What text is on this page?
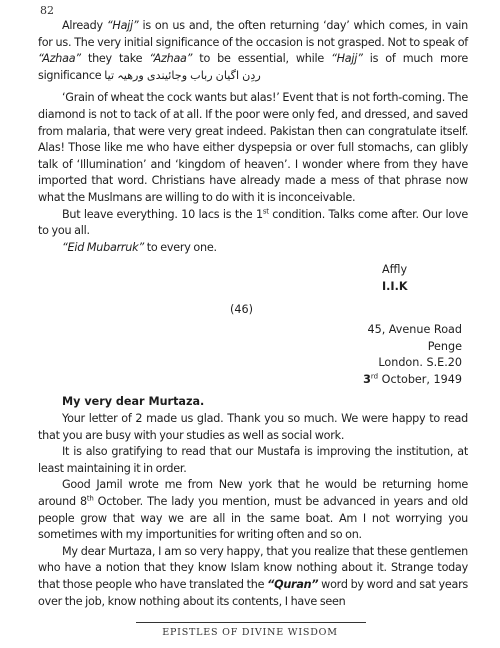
82

Already “Hajj” is on us and, the often returning ‘day’ which comes, in vain for us. The very initial significance of the occasion is not grasped. Not to speak of “Azhaa” they take “Azhaa” to be essential, while “Hajj” is of much more significance ردِن اگیان رباب وجائیندی ورھیہ تیا

‘Grain of wheat the cock wants but alas!’ Event that is not forth-coming. The diamond is not to tack of at all. If the poor were only fed, and dressed, and saved from malaria, that were very great indeed. Pakistan then can congratulate itself. Alas! Those like me who have either dyspepsia or over full stomachs, can glibly talk of ‘Illumination’ and ‘kingdom of heaven’. I wonder where from they have imported that word. Christians have already made a mess of that phrase now what the Muslmans are willing to do with it is inconceivable.

But leave everything. 10 lacs is the 1st condition. Talks come after. Our love to you all.

“Eid Mubarruk” to every one.

Affly
I.I.K
(46)
45, Avenue Road
Penge
London. S.E.20
3rd October, 1949
My very dear Murtaza.

Your letter of 2 made us glad. Thank you so much. We were happy to read that you are busy with your studies as well as social work.

It is also gratifying to read that our Mustafa is improving the institution, at least maintaining it in order.

Good Jamil wrote me from New york that he would be returning home around 8th October. The lady you mention, must be advanced in years and old people grow that way we are all in the same boat. Am I not worrying you sometimes with my importunities for writing often and so on.

My dear Murtaza, I am so very happy, that you realize that these gentlemen who have a notion that they know Islam know nothing about it. Strange today that those people who have translated the “Quran” word by word and sat years over the job, know nothing about its contents, I have seen

EPISTLES OF DIVINE WISDOM
